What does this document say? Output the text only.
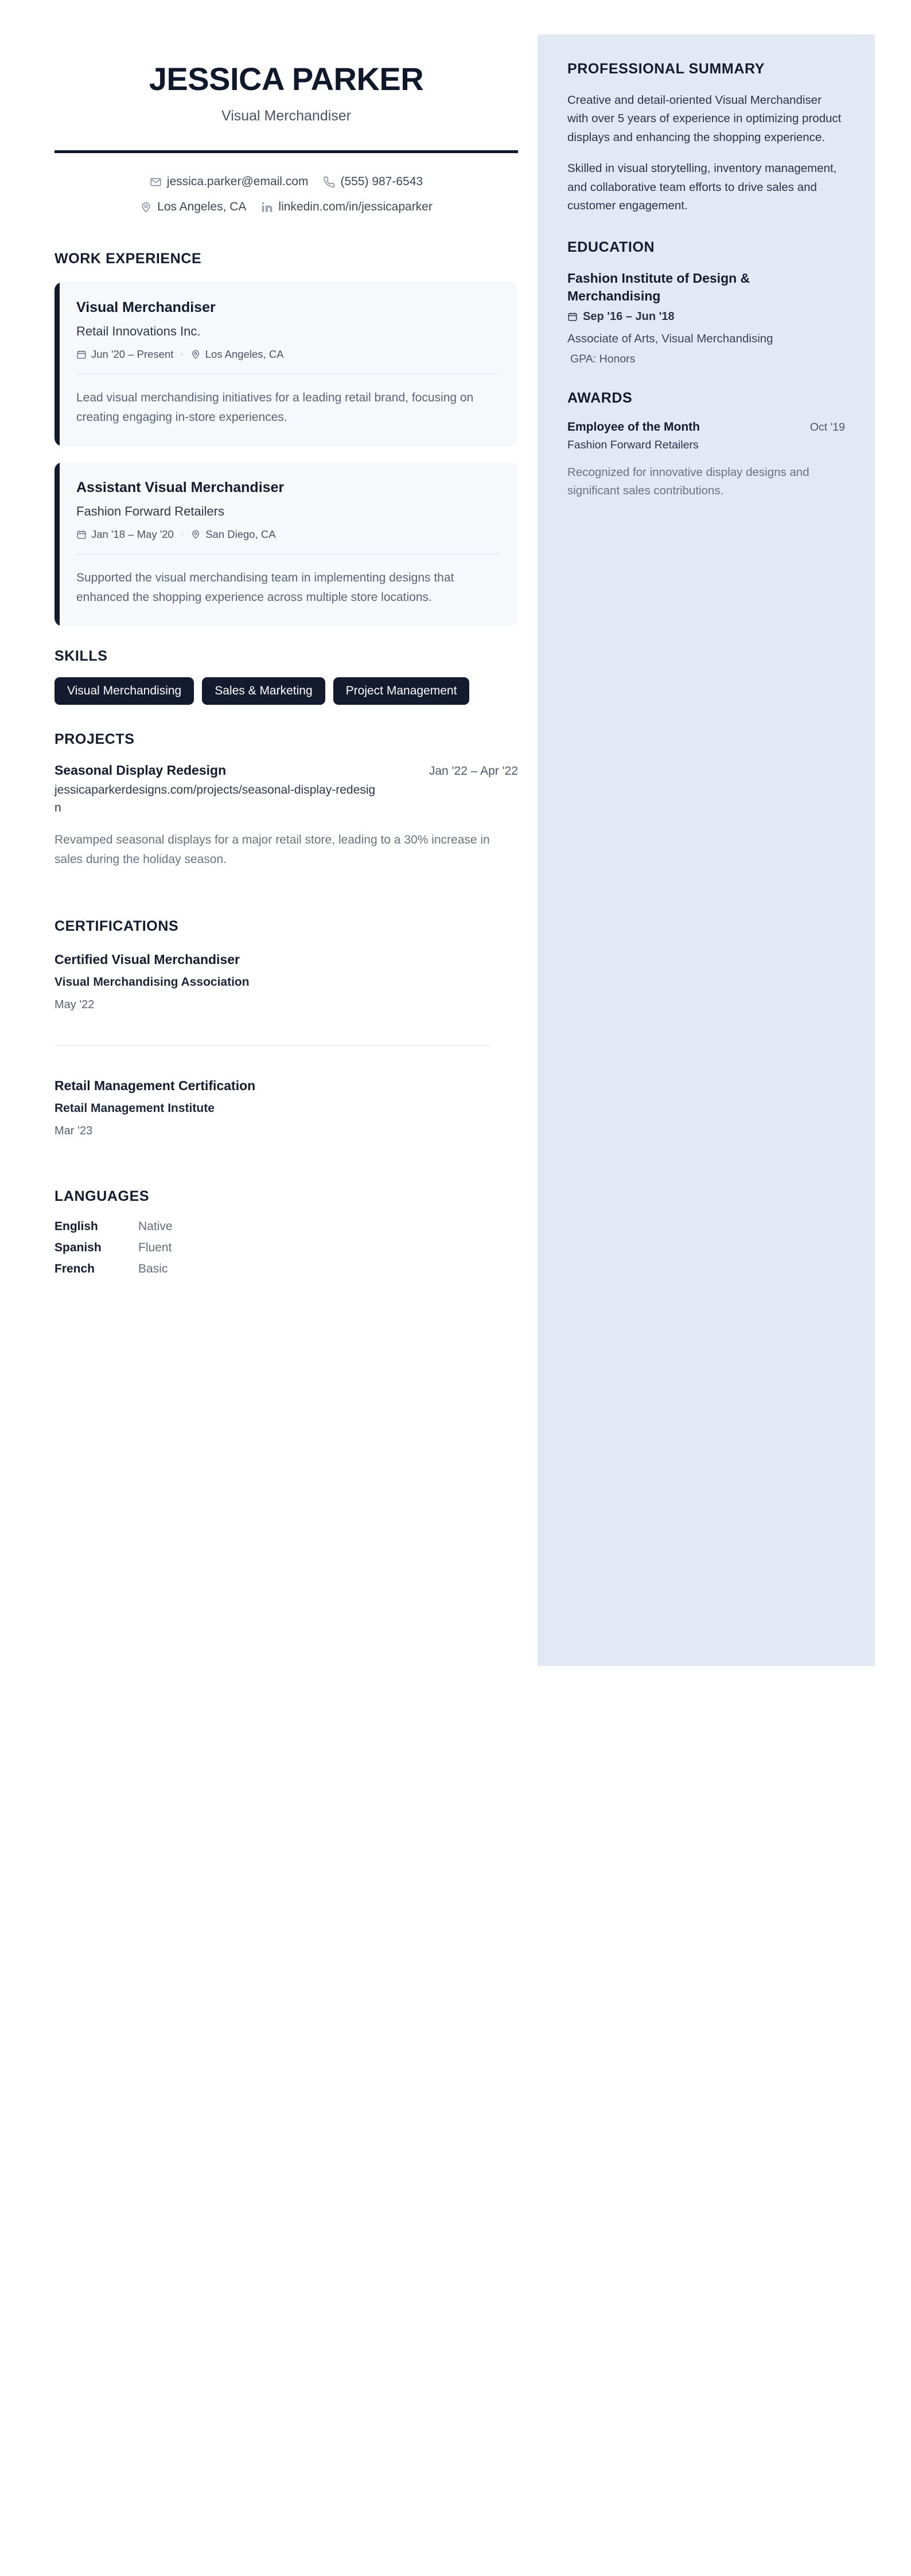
JESSICA PARKER
Visual Merchandiser
jessica.parker@email.com	(555) 987-6543
Los Angeles, CA	linkedin.com/in/jessicaparker
WORK EXPERIENCE
Visual Merchandiser
Retail Innovations Inc.
Jun '20 – Present · Los Angeles, CA
Lead visual merchandising initiatives for a leading retail brand, focusing on creating engaging in-store experiences.
Assistant Visual Merchandiser
Fashion Forward Retailers
Jan '18 – May '20 · San Diego, CA
Supported the visual merchandising team in implementing designs that enhanced the shopping experience across multiple store locations.
SKILLS
Visual Merchandising	Sales & Marketing	Project Management
PROJECTS
Seasonal Display Redesign	Jan '22 – Apr '22
jessicaparkerdesigns.com/projects/seasonal-display-redesign
Revamped seasonal displays for a major retail store, leading to a 30% increase in sales during the holiday season.
CERTIFICATIONS
Certified Visual Merchandiser
Visual Merchandising Association
May '22
Retail Management Certification
Retail Management Institute
Mar '23
LANGUAGES
English	Native
Spanish	Fluent
French	Basic
PROFESSIONAL SUMMARY
Creative and detail-oriented Visual Merchandiser with over 5 years of experience in optimizing product displays and enhancing the shopping experience.
Skilled in visual storytelling, inventory management, and collaborative team efforts to drive sales and customer engagement.
EDUCATION
Fashion Institute of Design & Merchandising
Sep '16 – Jun '18
Associate of Arts, Visual Merchandising
GPA: Honors
AWARDS
Employee of the Month	Oct '19
Fashion Forward Retailers
Recognized for innovative display designs and significant sales contributions.
